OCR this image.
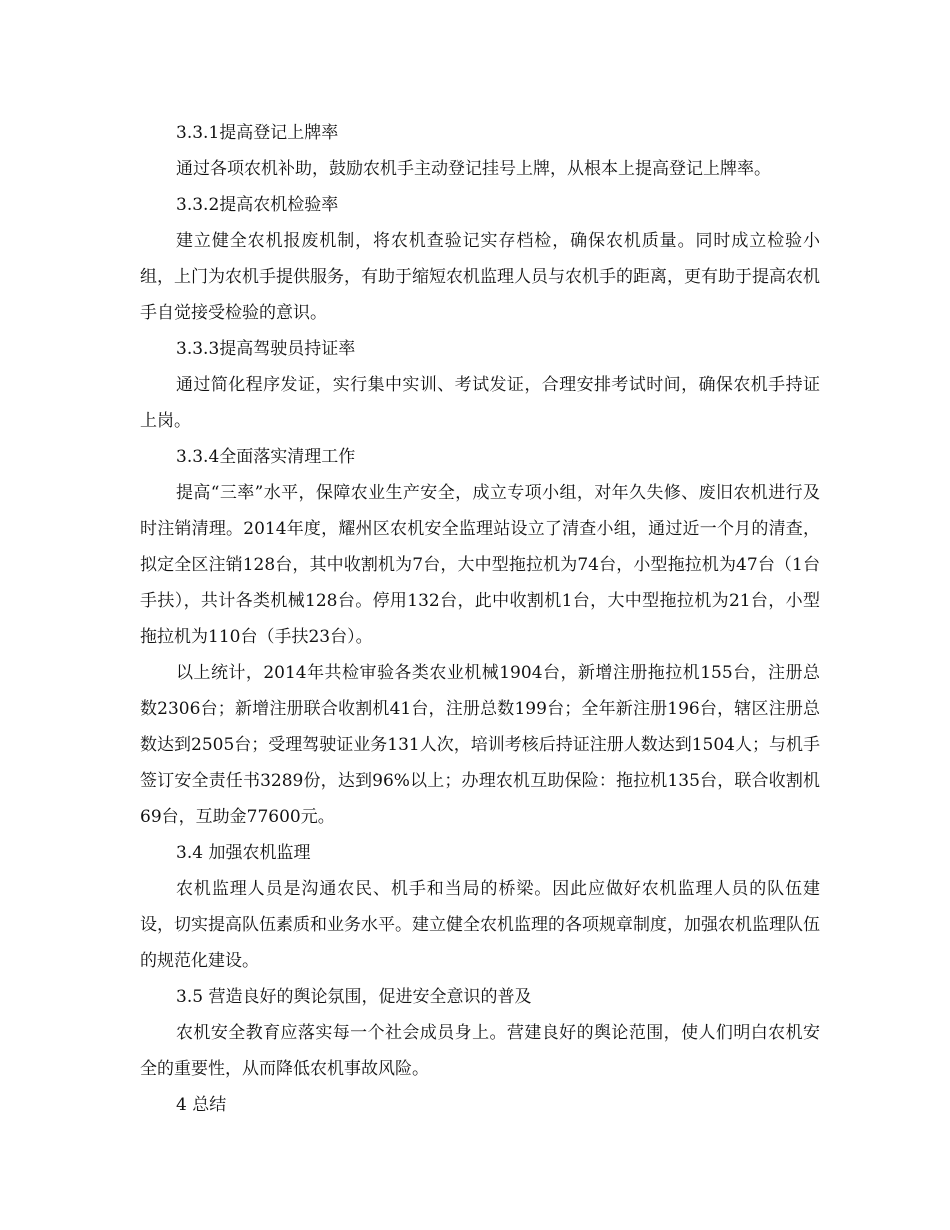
3.3.1提高登记上牌率

通过各项农机补助，鼓励农机手主动登记挂号上牌，从根本上提高登记上牌率。

3.3.2提高农机检验率

建立健全农机报废机制，将农机查验记实存档检，确保农机质量。同时成立检验小组，上门为农机手提供服务，有助于缩短农机监理人员与农机手的距离，更有助于提高农机手自觉接受检验的意识。

3.3.3提高驾驶员持证率

通过简化程序发证，实行集中实训、考试发证，合理安排考试时间，确保农机手持证上岗。

3.3.4全面落实清理工作

提高“三率”水平，保障农业生产安全，成立专项小组，对年久失修、废旧农机进行及时注销清理。2014年度，耀州区农机安全监理站设立了清查小组，通过近一个月的清查，拟定全区注销128台，其中收割机为7台，大中型拖拉机为74台，小型拖拉机为47台（1台手扶），共计各类机械128台。停用132台，此中收割机1台，大中型拖拉机为21台，小型拖拉机为110台（手扶23台）。

以上统计，2014年共检审验各类农业机械1904台，新增注册拖拉机155台，注册总数2306台；新增注册联合收割机41台，注册总数199台；全年新注册196台，辖区注册总数达到2505台；受理驾驶证业务131人次，培训考核后持证注册人数达到1504人；与机手签订安全责任书3289份，达到96%以上；办理农机互助保险：拖拉机135台，联合收割机69台，互助金77600元。

3.4 加强农机监理

农机监理人员是沟通农民、机手和当局的桥梁。因此应做好农机监理人员的队伍建设，切实提高队伍素质和业务水平。建立健全农机监理的各项规章制度，加强农机监理队伍的规范化建设。

3.5 营造良好的舆论氛围，促进安全意识的普及

农机安全教育应落实每一个社会成员身上。营建良好的舆论范围，使人们明白农机安全的重要性，从而降低农机事故风险。

4 总结
